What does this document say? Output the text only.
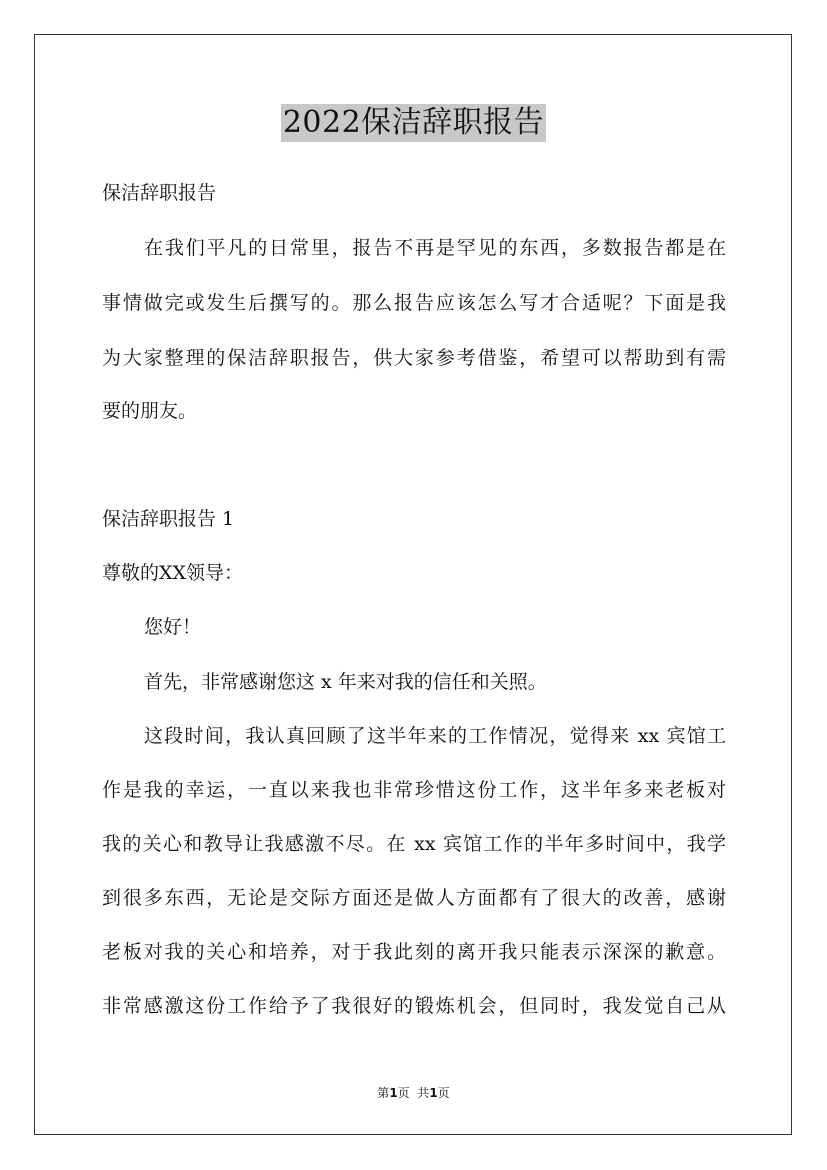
2022保洁辞职报告
保洁辞职报告
在我们平凡的日常里，报告不再是罕见的东西，多数报告都是在
事情做完或发生后撰写的。那么报告应该怎么写才合适呢？下面是我
为大家整理的保洁辞职报告，供大家参考借鉴，希望可以帮助到有需
要的朋友。
保洁辞职报告 1
尊敬的XX领导：
您好！
首先，非常感谢您这 x 年来对我的信任和关照。
这段时间，我认真回顾了这半年来的工作情况，觉得来 xx 宾馆工
作是我的幸运，一直以来我也非常珍惜这份工作，这半年多来老板对
我的关心和教导让我感激不尽。在 xx 宾馆工作的半年多时间中，我学
到很多东西，无论是交际方面还是做人方面都有了很大的改善，感谢
老板对我的关心和培养，对于我此刻的离开我只能表示深深的歉意。
非常感激这份工作给予了我很好的锻炼机会，但同时，我发觉自己从
第1页  共1页
